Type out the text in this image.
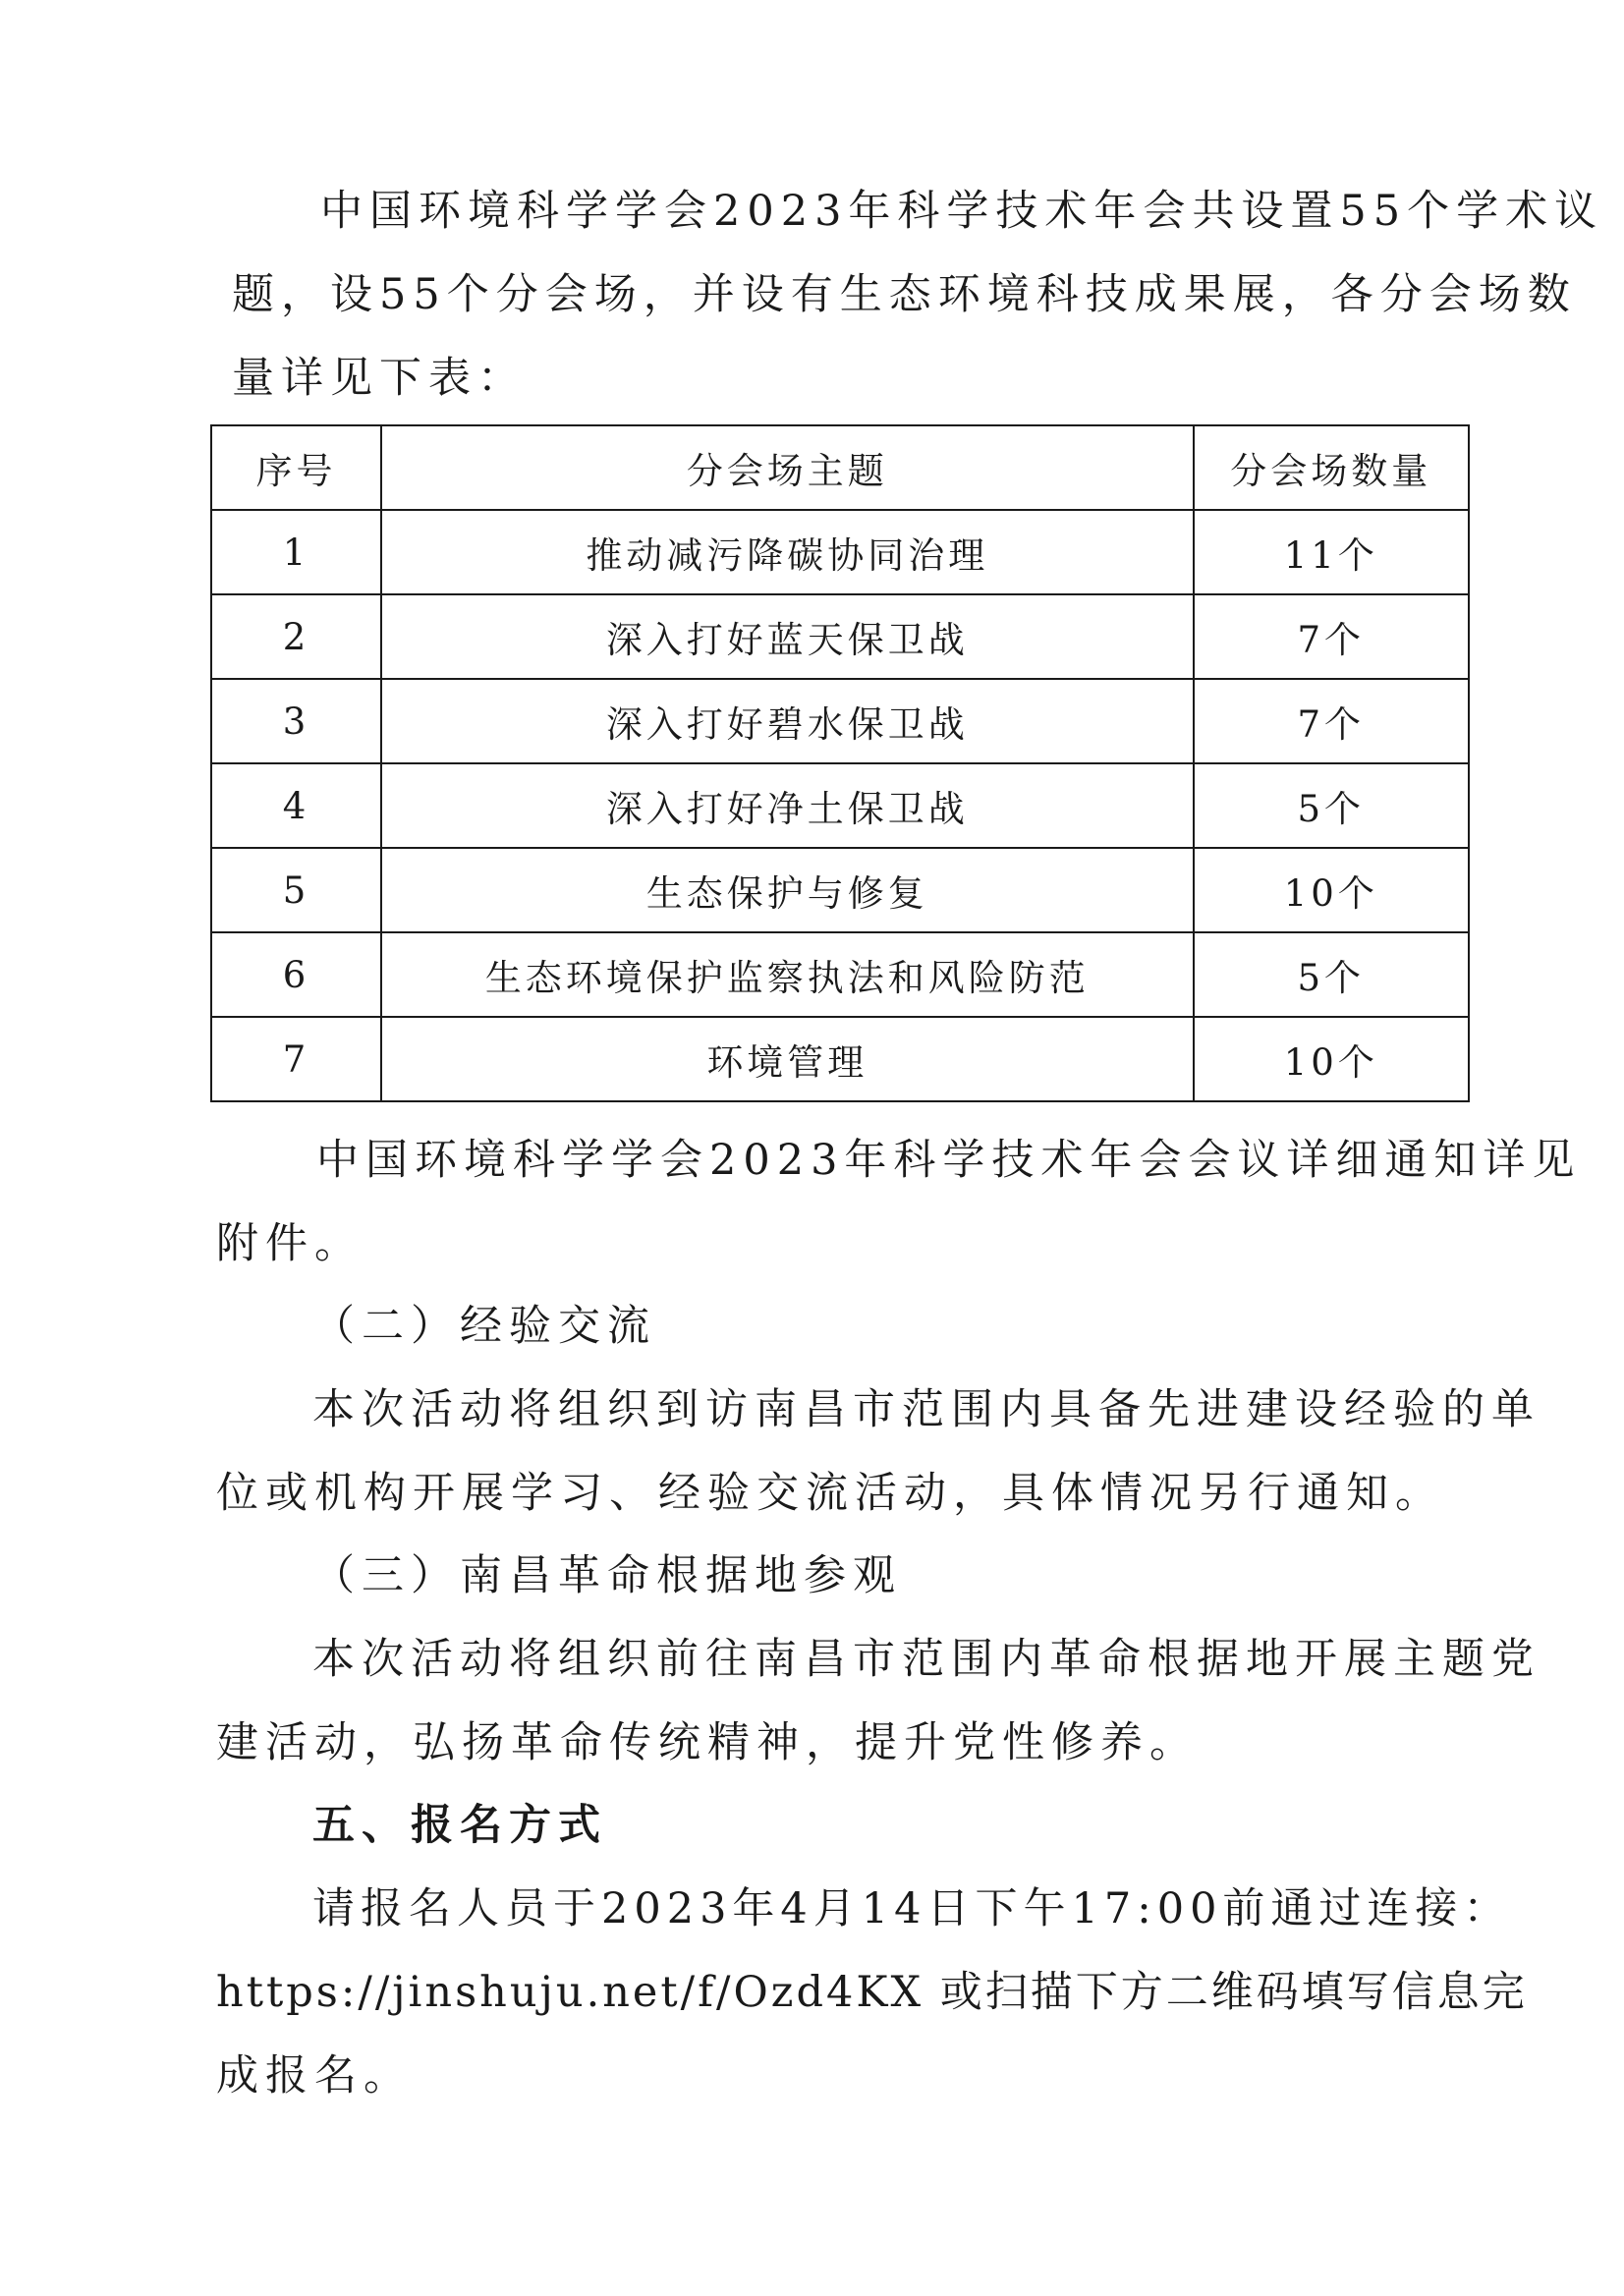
中国环境科学学会2023年科学技术年会共设置55个学术议
题，设55个分会场，并设有生态环境科技成果展，各分会场数
量详见下表：
序号	分会场主题	分会场数量
1	推动减污降碳协同治理	11个
2	深入打好蓝天保卫战	7个
3	深入打好碧水保卫战	7个
4	深入打好净土保卫战	5个
5	生态保护与修复	10个
6	生态环境保护监察执法和风险防范	5个
7	环境管理	10个
中国环境科学学会2023年科学技术年会会议详细通知详见
附件。
（二）经验交流
本次活动将组织到访南昌市范围内具备先进建设经验的单
位或机构开展学习、经验交流活动，具体情况另行通知。
（三）南昌革命根据地参观
本次活动将组织前往南昌市范围内革命根据地开展主题党
建活动，弘扬革命传统精神，提升党性修养。
五、报名方式
请报名人员于2023年4月14日下午17:00前通过连接：
https://jinshuju.net/f/Ozd4KX 或扫描下方二维码填写信息完
成报名。
